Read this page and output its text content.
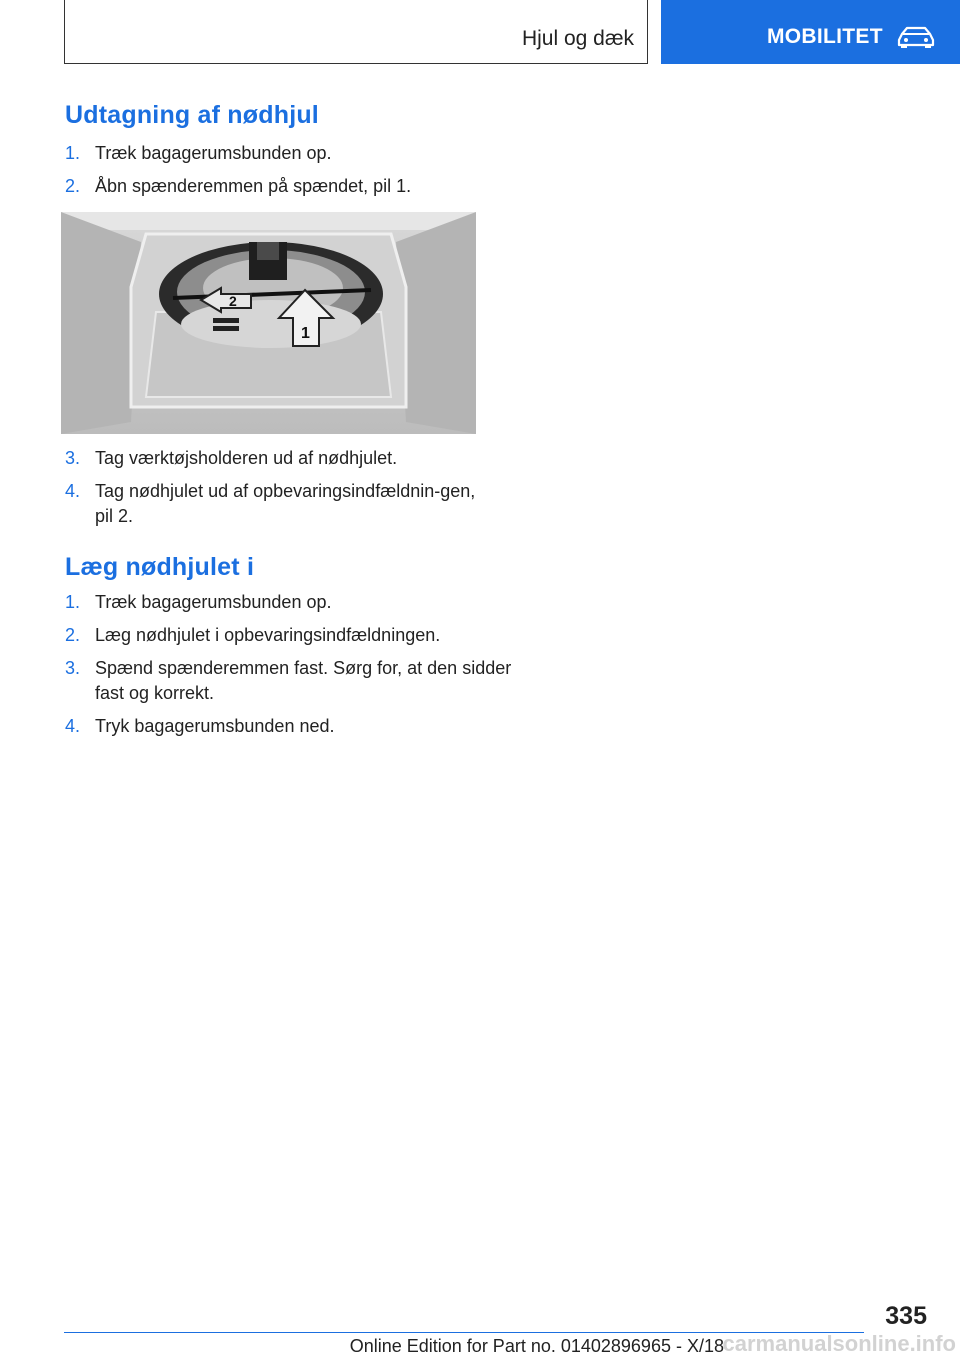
Hjul og dæk	MOBILITET
Udtagning af nødhjul
1. Træk bagagerumsbunden op.
2. Åbn spænderemmen på spændet, pil 1.
2
1
3. Tag værktøjsholderen ud af nødhjulet.
4. Tag nødhjulet ud af opbevaringsindfældnin-gen, pil 2.
Læg nødhjulet i
1. Træk bagagerumsbunden op.
2. Læg nødhjulet i opbevaringsindfældningen.
3. Spænd spænderemmen fast. Sørg for, at den sidder fast og korrekt.
4. Tryk bagagerumsbunden ned.
335
Online Edition for Part no. 01402896965 - X/18
carmanualsonline.info
